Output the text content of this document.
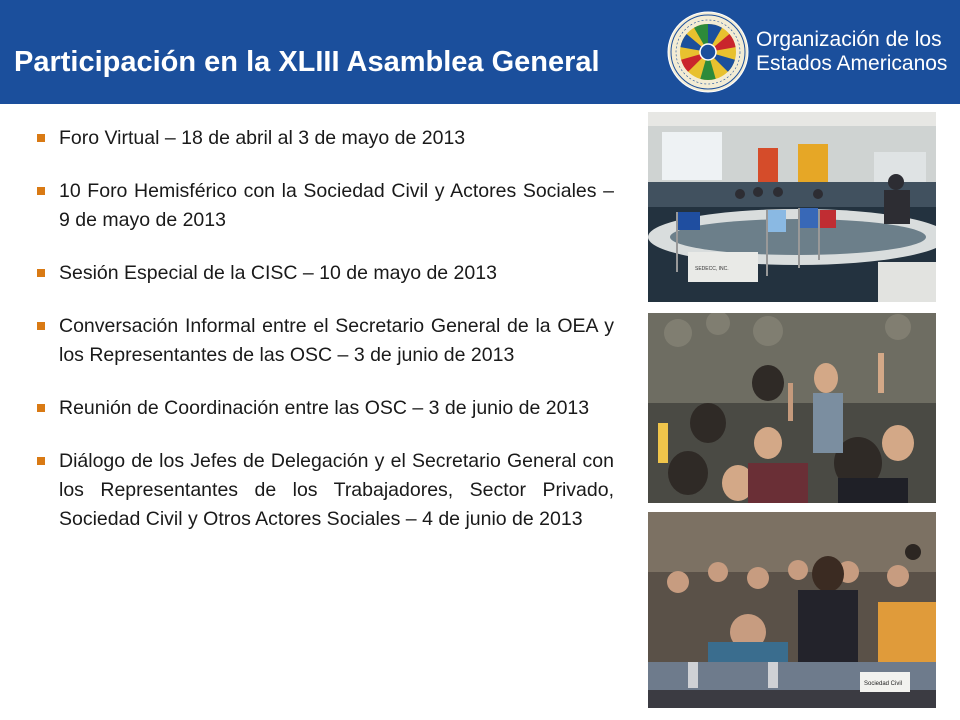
Participación en la XLIII Asamblea General
Organización de los
Estados Americanos
Foro Virtual – 18 de abril al 3 de mayo de 2013
10 Foro Hemisférico con la Sociedad Civil y Actores Sociales – 9 de mayo de 2013
Sesión Especial de la CISC – 10 de mayo de 2013
Conversación Informal entre el Secretario General de la OEA y los Representantes de las OSC – 3 de junio de 2013
Reunión de Coordinación entre las OSC – 3 de junio de 2013
Diálogo de los Jefes de Delegación y el Secretario General con los Representantes de los Trabajadores, Sector Privado, Sociedad Civil y Otros Actores Sociales – 4 de junio de 2013
SEDECC, INC.
Sociedad Civil
